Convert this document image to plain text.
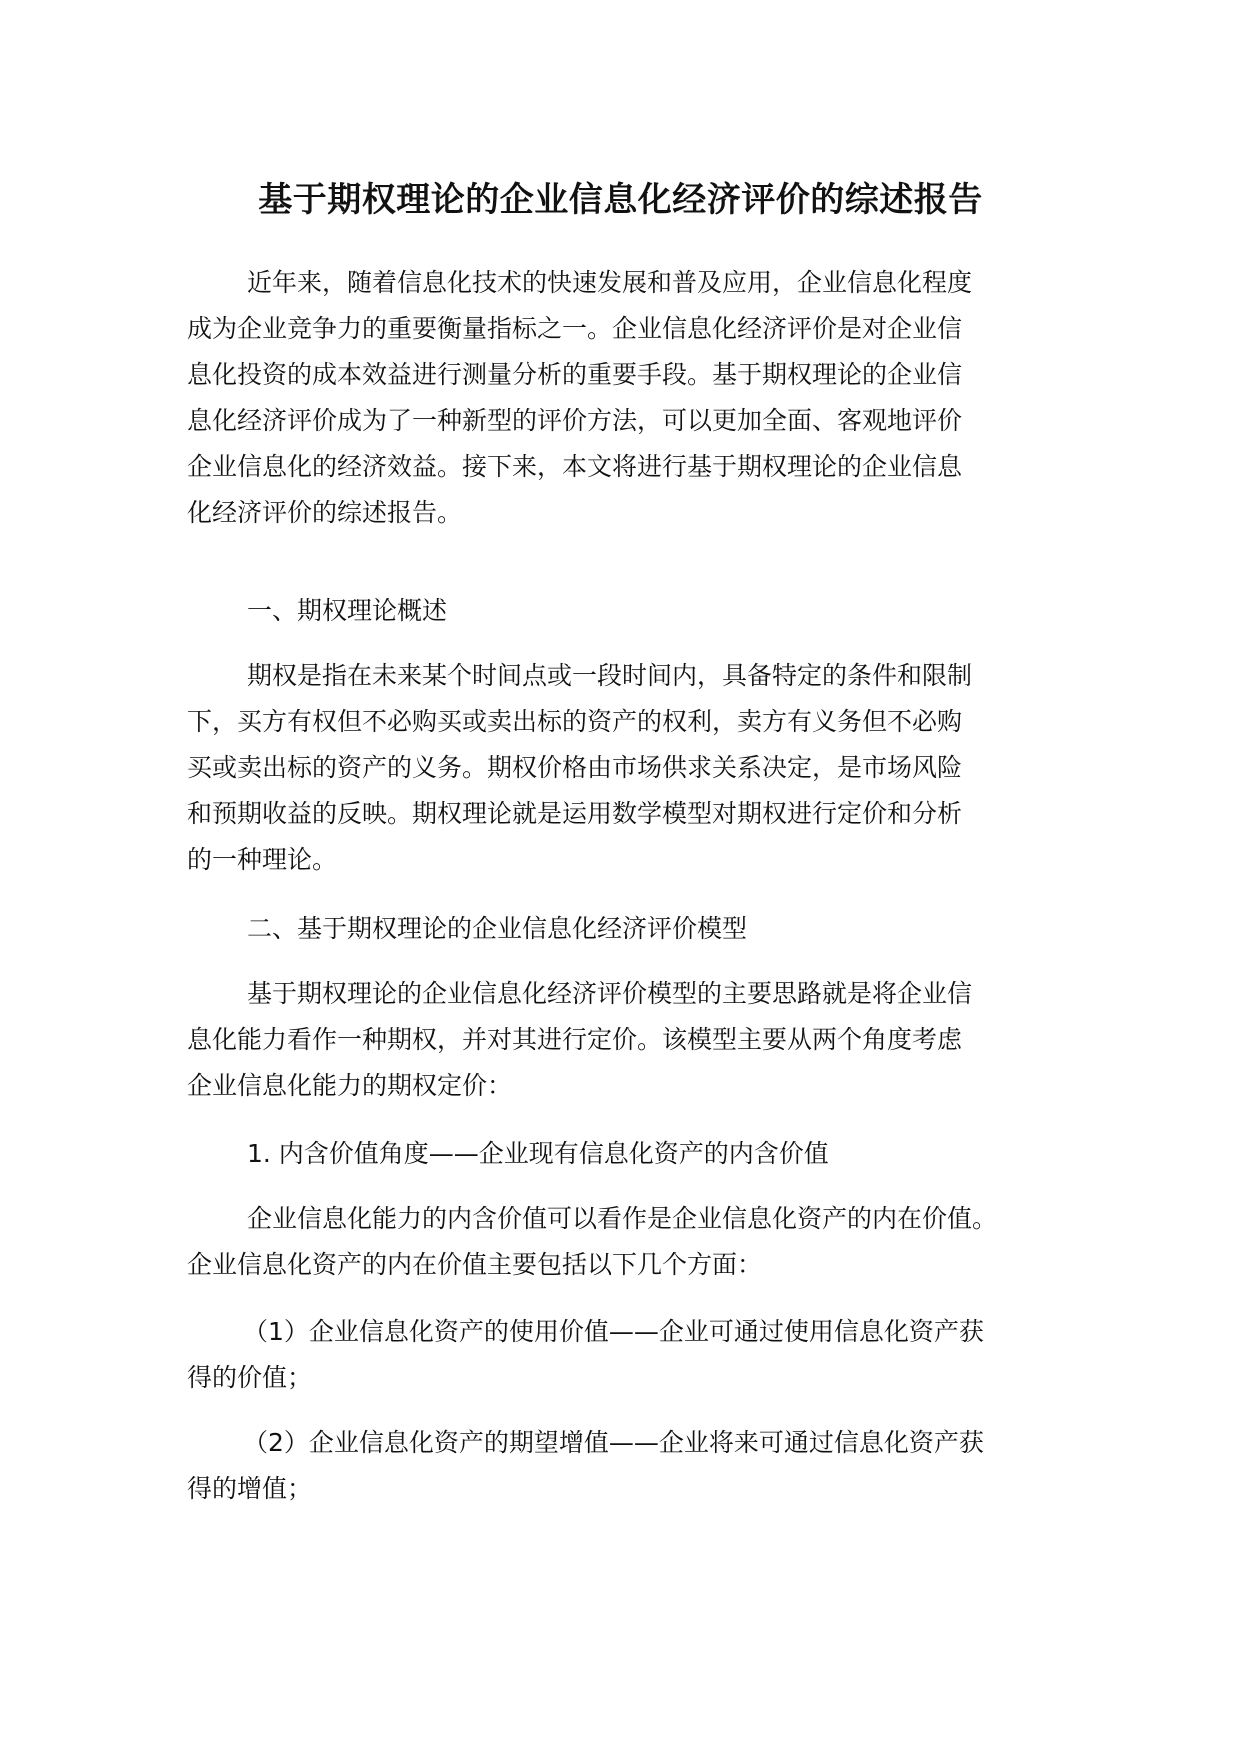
基于期权理论的企业信息化经济评价的综述报告
近年来，随着信息化技术的快速发展和普及应用，企业信息化程度
成为企业竞争力的重要衡量指标之一。企业信息化经济评价是对企业信
息化投资的成本效益进行测量分析的重要手段。基于期权理论的企业信
息化经济评价成为了一种新型的评价方法，可以更加全面、客观地评价
企业信息化的经济效益。接下来，本文将进行基于期权理论的企业信息
化经济评价的综述报告。
一、期权理论概述
期权是指在未来某个时间点或一段时间内，具备特定的条件和限制
下，买方有权但不必购买或卖出标的资产的权利，卖方有义务但不必购
买或卖出标的资产的义务。期权价格由市场供求关系决定，是市场风险
和预期收益的反映。期权理论就是运用数学模型对期权进行定价和分析
的一种理论。
二、基于期权理论的企业信息化经济评价模型
基于期权理论的企业信息化经济评价模型的主要思路就是将企业信
息化能力看作一种期权，并对其进行定价。该模型主要从两个角度考虑
企业信息化能力的期权定价：
1. 内含价值角度——企业现有信息化资产的内含价值
企业信息化能力的内含价值可以看作是企业信息化资产的内在价值。
企业信息化资产的内在价值主要包括以下几个方面：
（1）企业信息化资产的使用价值——企业可通过使用信息化资产获
得的价值；
（2）企业信息化资产的期望增值——企业将来可通过信息化资产获
得的增值；
